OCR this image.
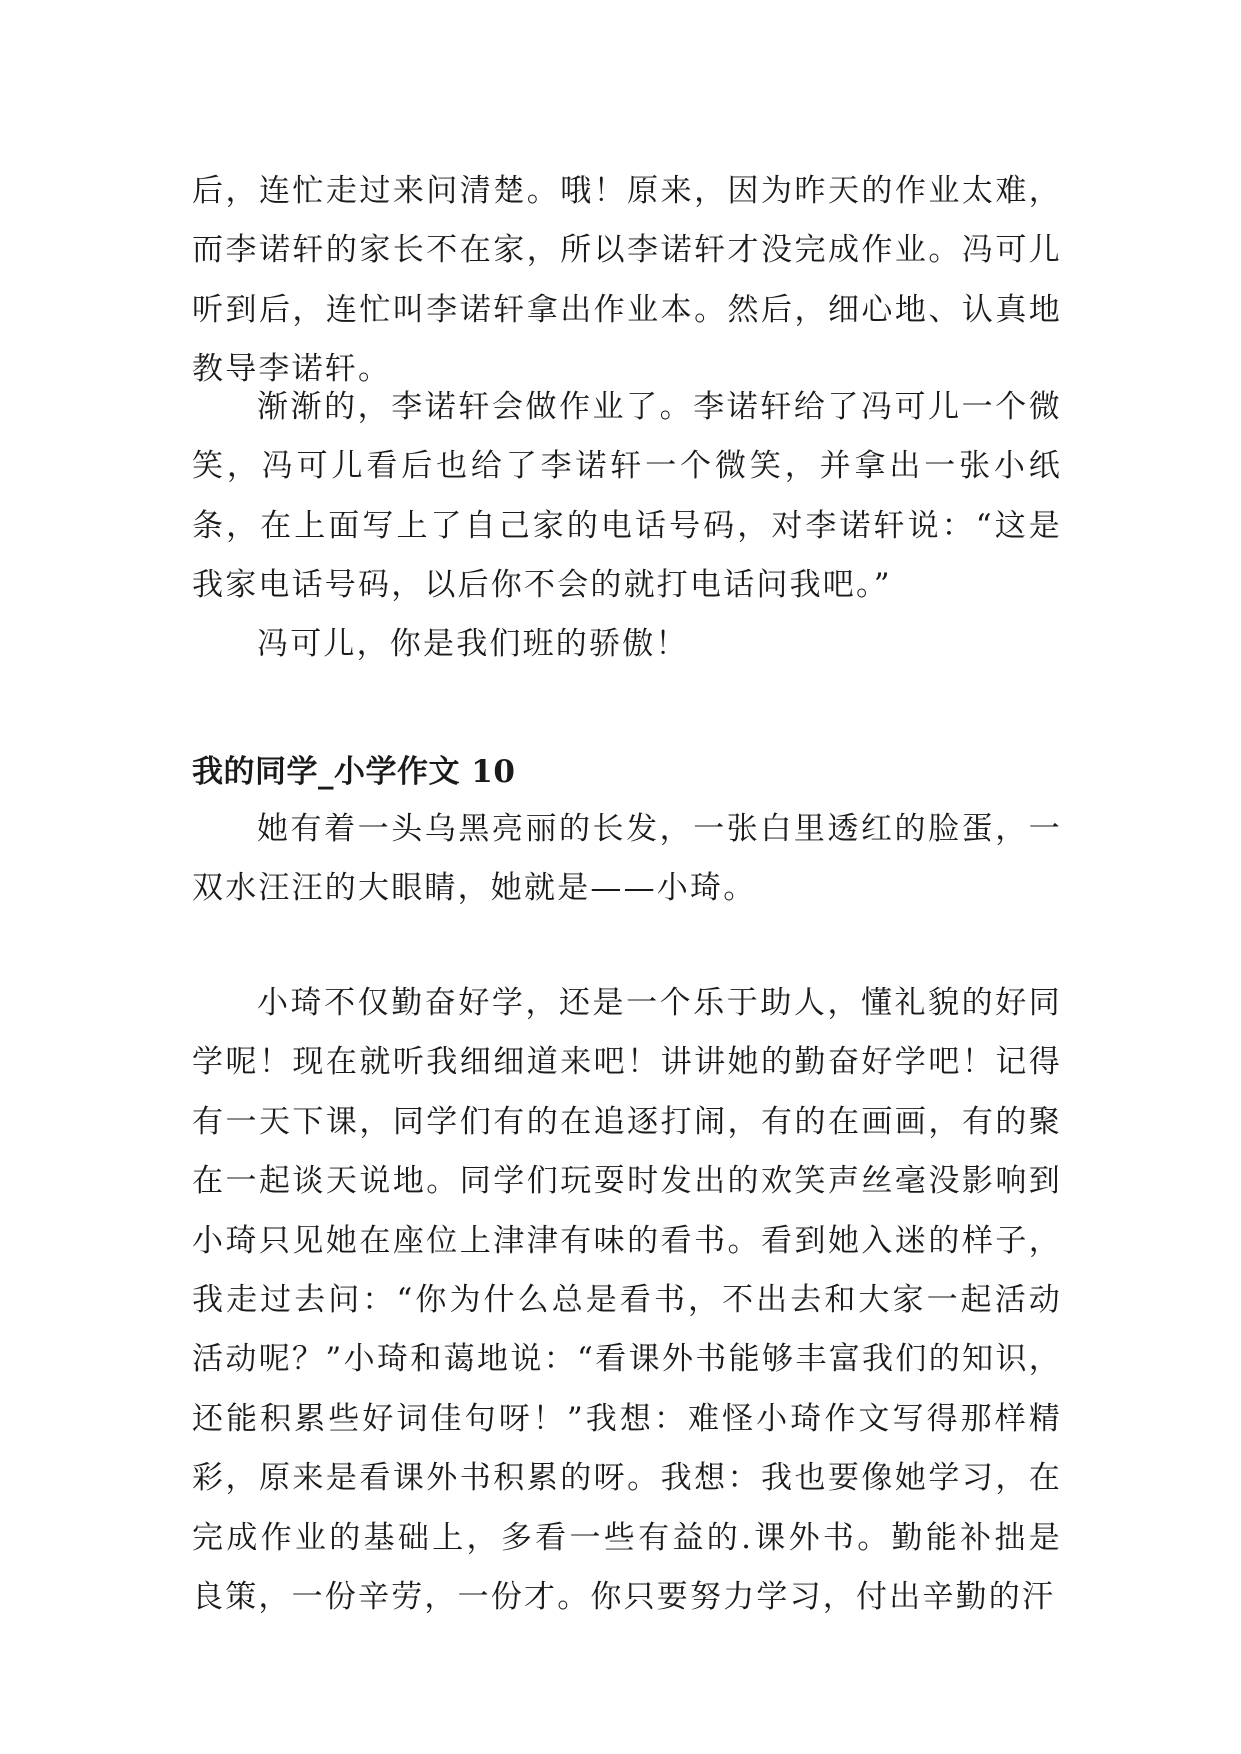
后，连忙走过来问清楚。哦！原来，因为昨天的作业太难，而李诺轩的家长不在家，所以李诺轩才没完成作业。冯可儿听到后，连忙叫李诺轩拿出作业本。然后，细心地、认真地教导李诺轩。

渐渐的，李诺轩会做作业了。李诺轩给了冯可儿一个微笑，冯可儿看后也给了李诺轩一个微笑，并拿出一张小纸条，在上面写上了自己家的电话号码，对李诺轩说：“这是我家电话号码，以后你不会的就打电话问我吧。”

冯可儿，你是我们班的骄傲！

我的同学_小学作文 10

她有着一头乌黑亮丽的长发，一张白里透红的脸蛋，一双水汪汪的大眼睛，她就是——小琦。

小琦不仅勤奋好学，还是一个乐于助人，懂礼貌的好同学呢！现在就听我细细道来吧！讲讲她的勤奋好学吧！记得有一天下课，同学们有的在追逐打闹，有的在画画，有的聚在一起谈天说地。同学们玩耍时发出的欢笑声丝毫没影响到小琦只见她在座位上津津有味的看书。看到她入迷的样子，我走过去问：“你为什么总是看书，不出去和大家一起活动活动呢？”小琦和蔼地说：“看课外书能够丰富我们的知识，还能积累些好词佳句呀！”我想：难怪小琦作文写得那样精彩，原来是看课外书积累的呀。我想：我也要像她学习，在完成作业的基础上，多看一些有益的.课外书。勤能补拙是良策，一份辛劳，一份才。你只要努力学习，付出辛勤的汗
